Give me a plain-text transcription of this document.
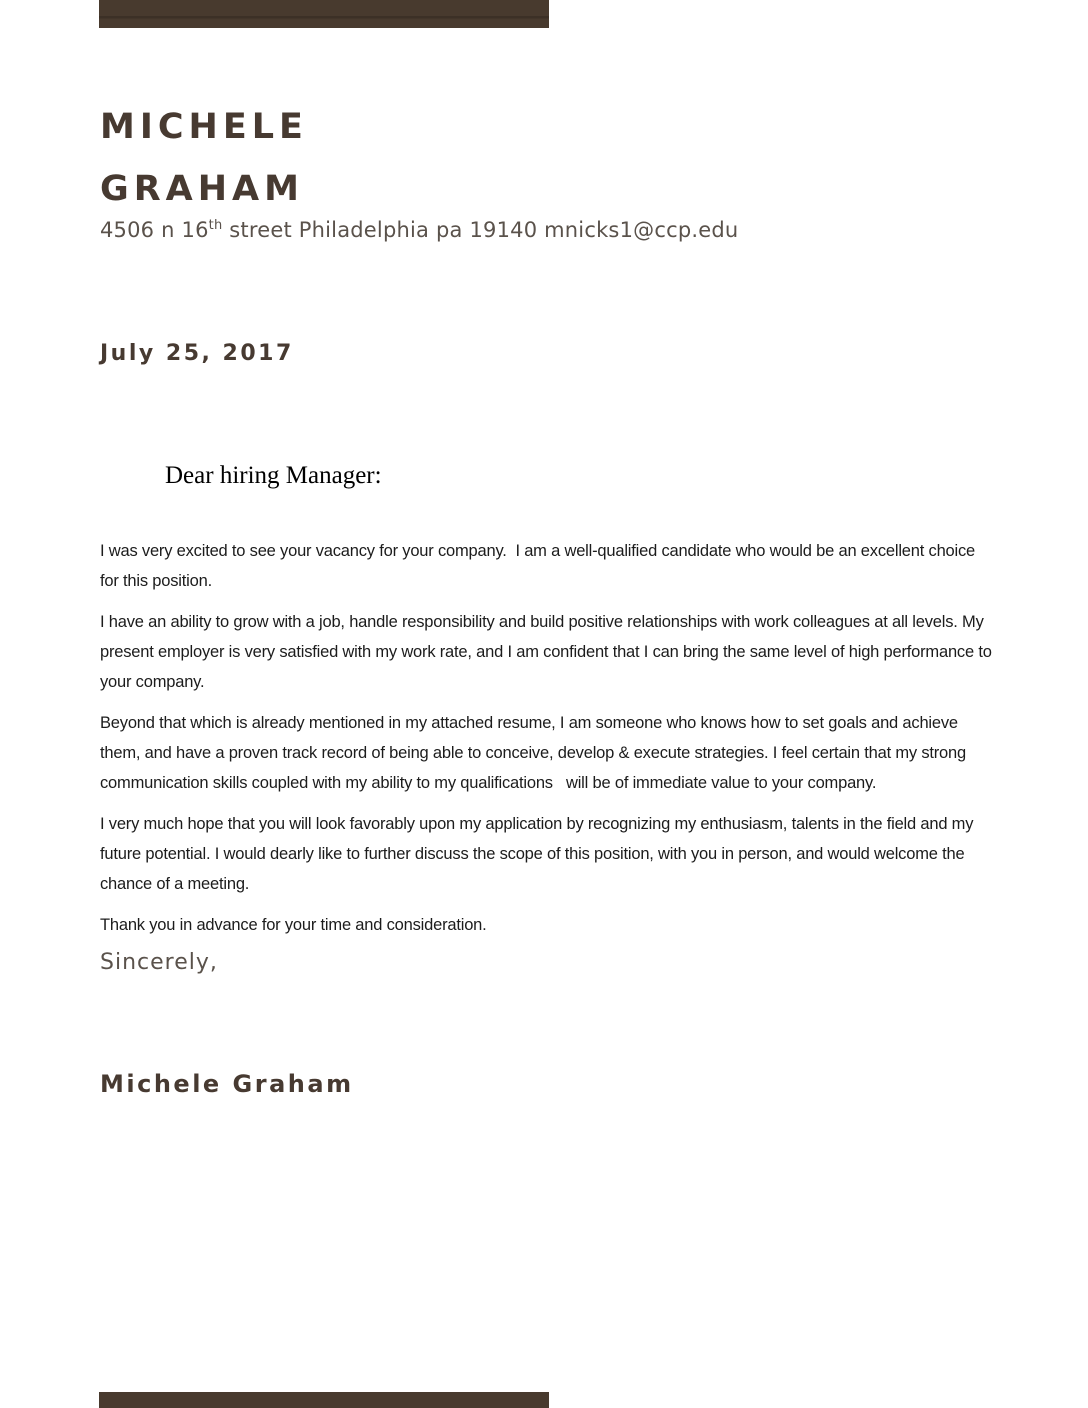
MICHELE
GRAHAM

4506 n 16th street Philadelphia pa 19140 mnicks1@ccp.edu

July 25, 2017

Dear hiring Manager:

I was very excited to see your vacancy for your company.  I am a well-qualified candidate who would be an excellent choice for this position.

I have an ability to grow with a job, handle responsibility and build positive relationships with work colleagues at all levels. My present employer is very satisfied with my work rate, and I am confident that I can bring the same level of high performance to your company.

Beyond that which is already mentioned in my attached resume, I am someone who knows how to set goals and achieve them, and have a proven track record of being able to conceive, develop & execute strategies. I feel certain that my strong communication skills coupled with my ability to my qualifications   will be of immediate value to your company.

I very much hope that you will look favorably upon my application by recognizing my enthusiasm, talents in the field and my future potential. I would dearly like to further discuss the scope of this position, with you in person, and would welcome the chance of a meeting.

Thank you in advance for your time and consideration.

Sincerely,

Michele Graham
